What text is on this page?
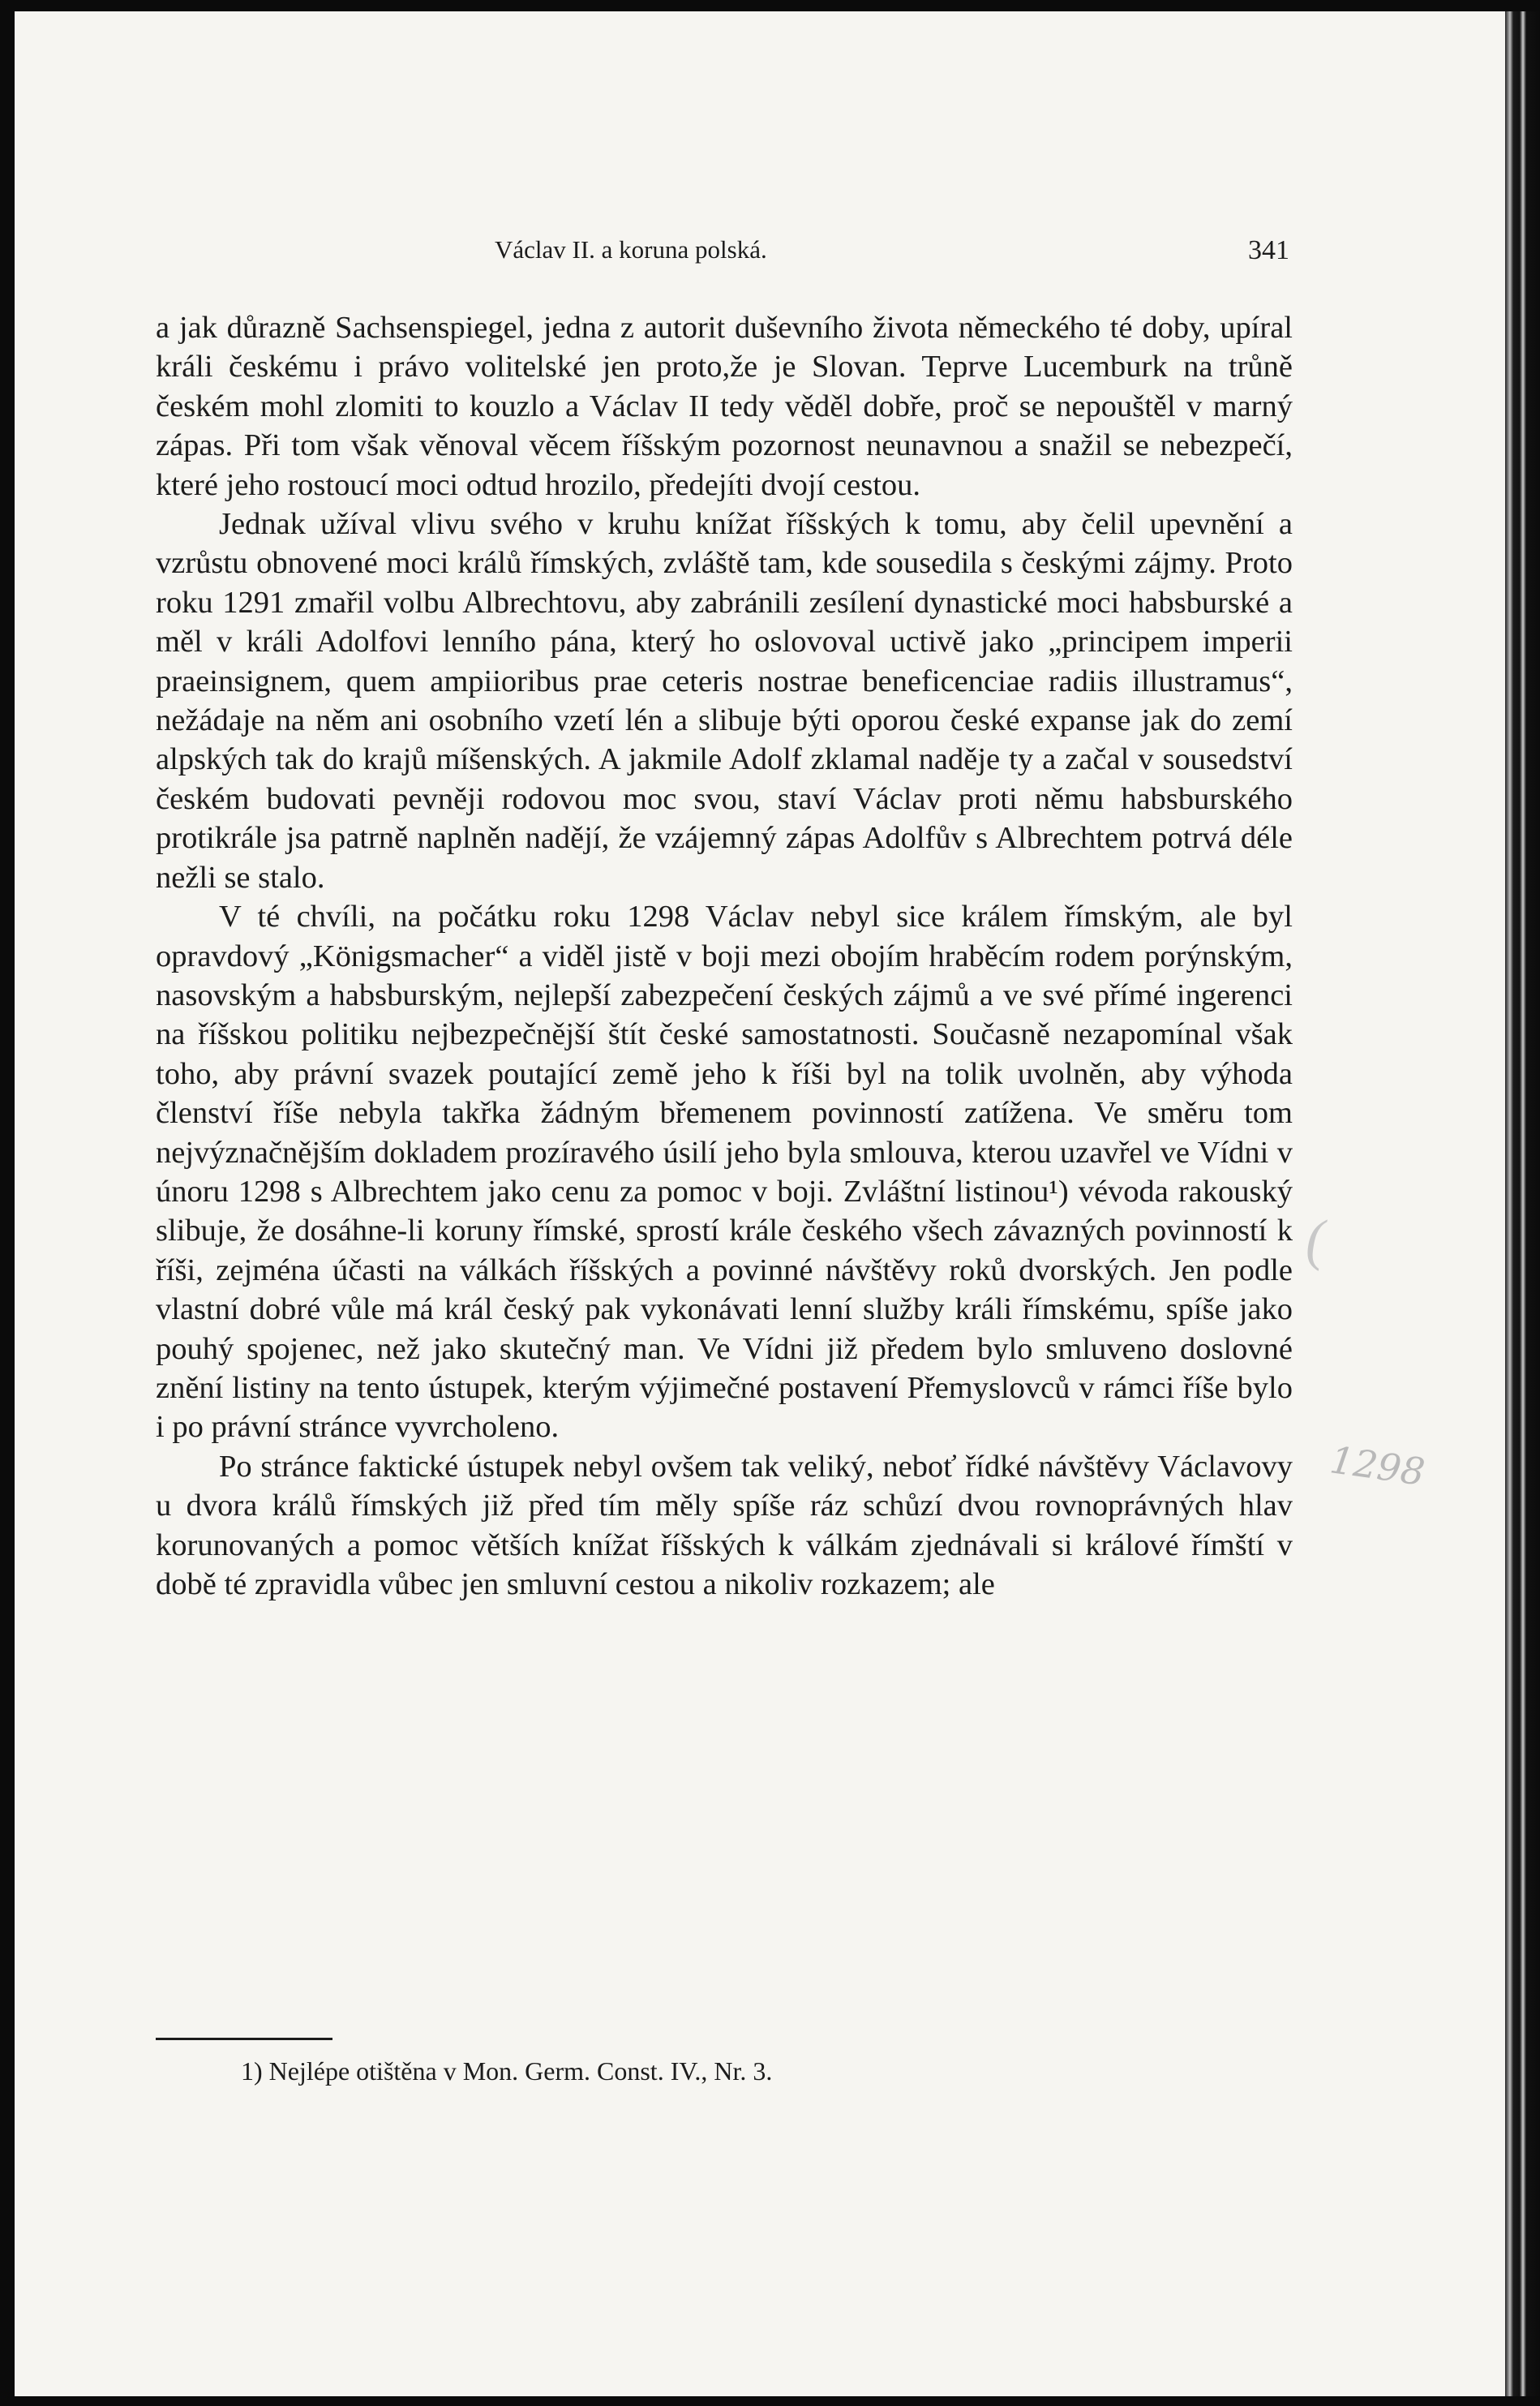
Václav II. a koruna polská.	341

a jak důrazně Sachsenspiegel, jedna z autorit duševního života německého té doby, upíral králi českému i právo volitelské jen proto,že je Slovan. Teprve Lucemburk na trůně českém mohl zlomiti to kouzlo a Václav II tedy věděl dobře, proč se nepouštěl v marný zápas. Při tom však věnoval věcem říšským pozornost neunavnou a snažil se nebezpečí, které jeho rostoucí moci odtud hrozilo, předejíti dvojí cestou.

Jednak užíval vlivu svého v kruhu knížat říšských k tomu, aby čelil upevnění a vzrůstu obnovené moci králů římských, zvláště tam, kde sousedila s českými zájmy. Proto roku 1291 zmařil volbu Albrechtovu, aby zabránili zesílení dynastické moci habsburské a měl v králi Adolfovi lenního pána, který ho oslovoval uctivě jako „principem imperii praeinsignem, quem ampiioribus prae ceteris nostrae beneficenciae radiis illustramus“, nežádaje na něm ani osobního vzetí lén a slibuje býti oporou české expanse jak do zemí alpských tak do krajů míšenských. A jakmile Adolf zklamal naděje ty a začal v sousedství českém budovati pevněji rodovou moc svou, staví Václav proti němu habsburského protikrále jsa patrně naplněn nadějí, že vzájemný zápas Adolfův s Albrechtem potrvá déle nežli se stalo.

V té chvíli, na počátku roku 1298 Václav nebyl sice králem římským, ale byl opravdový „Königsmacher“ a viděl jistě v boji mezi obojím hraběcím rodem porýnským, nasovským a habsburským, nejlepší zabezpečení českých zájmů a ve své přímé ingerenci na říšskou politiku nejbezpečnější štít české samostatnosti. Současně nezapomínal však toho, aby právní svazek poutající země jeho k říši byl na tolik uvolněn, aby výhoda členství říše nebyla takřka žádným břemenem povinností zatížena. Ve směru tom nejvýznačnějším dokladem prozíravého úsilí jeho byla smlouva, kterou uzavřel ve Vídni v únoru 1298 s Albrechtem jako cenu za pomoc v boji. Zvláštní listinou¹) vévoda rakouský slibuje, že dosáhne-li koruny římské, sprostí krále českého všech závazných povinností k říši, zejména účasti na válkách říšských a povinné návštěvy roků dvorských. Jen podle vlastní dobré vůle má král český pak vykonávati lenní služby králi římskému, spíše jako pouhý spojenec, než jako skutečný man. Ve Vídni již předem bylo smluveno doslovné znění listiny na tento ústupek, kterým výjimečné postavení Přemyslovců v rámci říše bylo i po právní stránce vyvrcholeno.

Po stránce faktické ústupek nebyl ovšem tak veliký, neboť řídké návštěvy Václavovy u dvora králů římských již před tím měly spíše ráz schůzí dvou rovnoprávných hlav korunovaných a pomoc větších knížat říšských k válkám zjednávali si králové římští v době té zpravidla vůbec jen smluvní cestou a nikoliv rozkazem; ale

(
1298
1) Nejlépe otištěna v Mon. Germ. Const. IV., Nr. 3.
